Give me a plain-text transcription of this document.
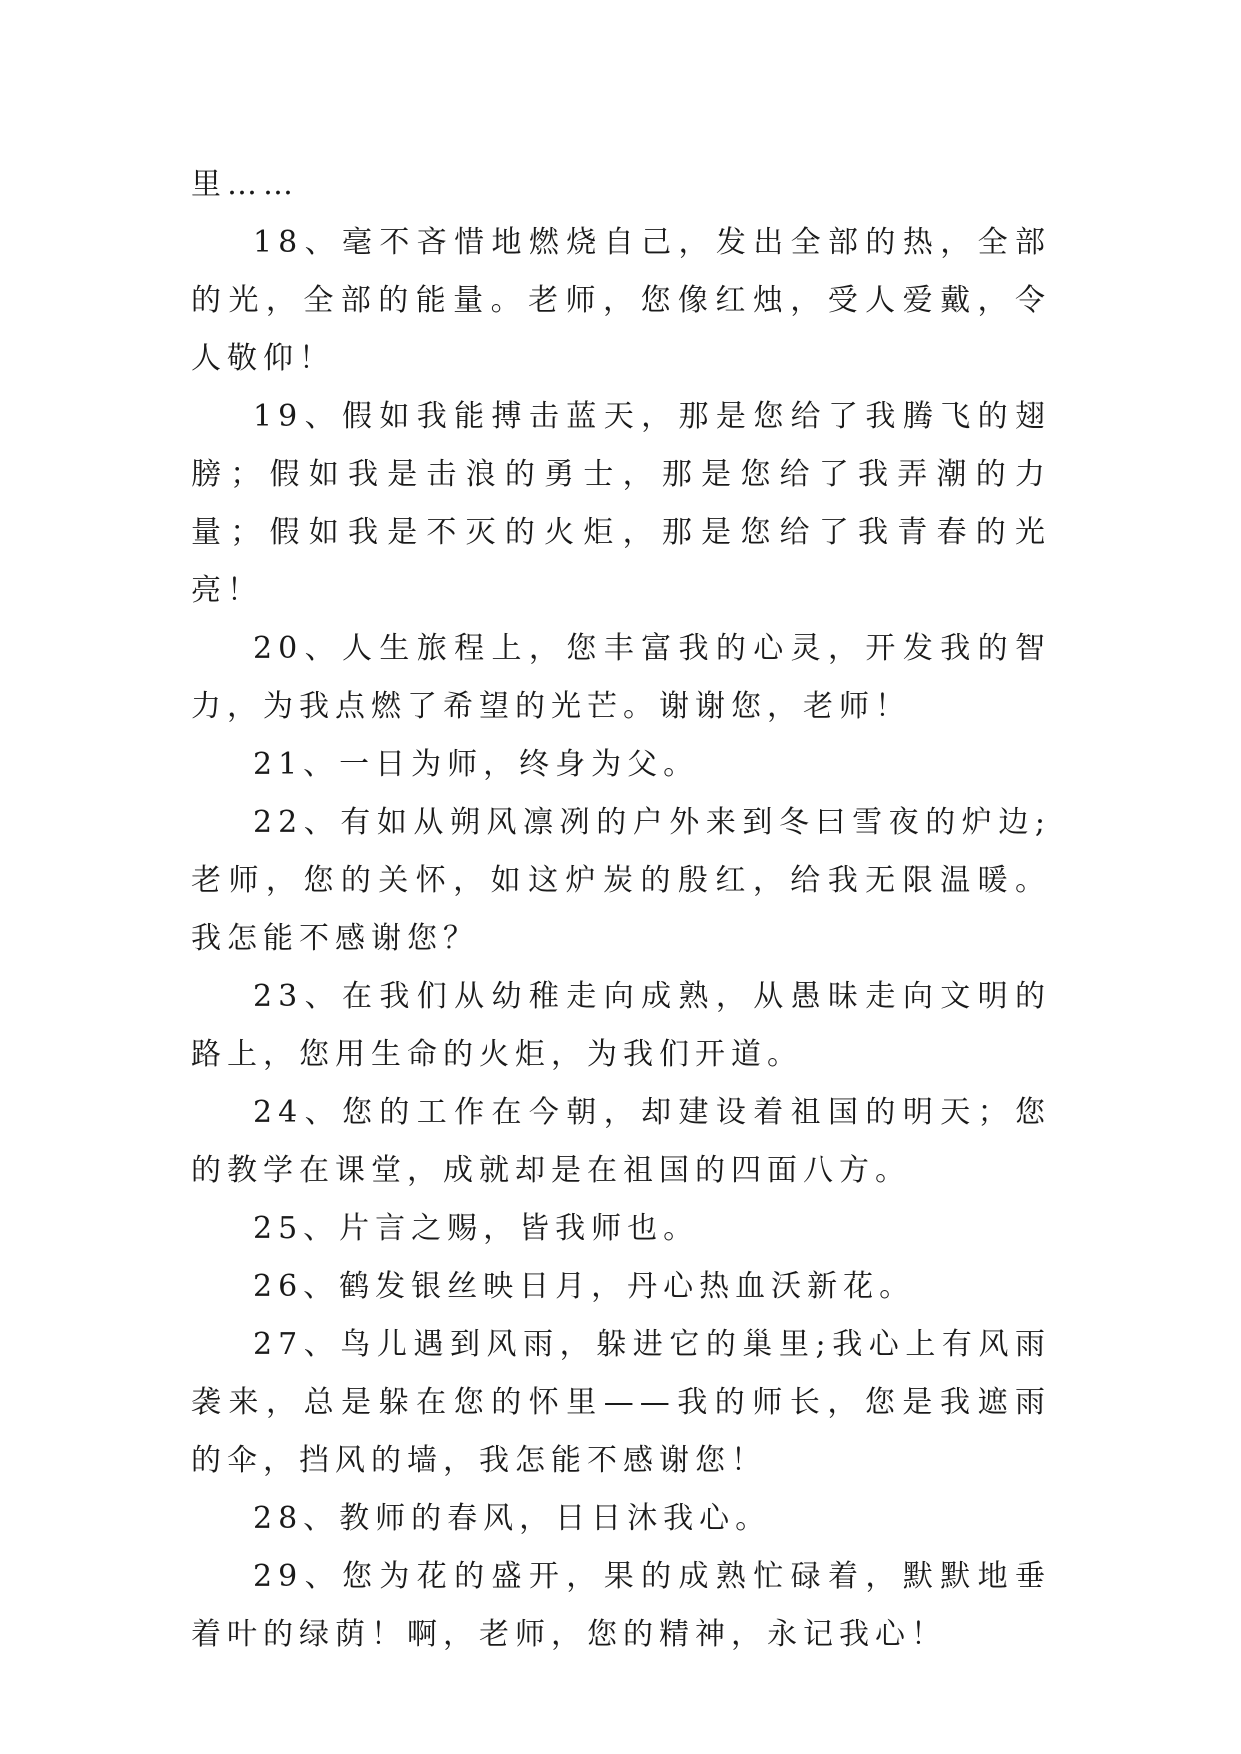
里……

18、毫不吝惜地燃烧自己，发出全部的热，全部的光，全部的能量。老师，您像红烛，受人爱戴，令人敬仰！

19、假如我能搏击蓝天，那是您给了我腾飞的翅膀；假如我是击浪的勇士，那是您给了我弄潮的力量；假如我是不灭的火炬，那是您给了我青春的光亮！

20、人生旅程上，您丰富我的心灵，开发我的智力，为我点燃了希望的光芒。谢谢您，老师！

21、一日为师，终身为父。

22、有如从朔风凛冽的户外来到冬曰雪夜的炉边;老师，您的关怀，如这炉炭的殷红，给我无限温暖。我怎能不感谢您？

23、在我们从幼稚走向成熟，从愚昧走向文明的路上，您用生命的火炬，为我们开道。

24、您的工作在今朝，却建设着祖国的明天；您的教学在课堂，成就却是在祖国的四面八方。

25、片言之赐，皆我师也。

26、鹤发银丝映日月，丹心热血沃新花。

27、鸟儿遇到风雨，躲进它的巢里;我心上有风雨袭来，总是躲在您的怀里——我的师长，您是我遮雨的伞，挡风的墙，我怎能不感谢您！

28、教师的春风，日日沐我心。

29、您为花的盛开，果的成熟忙碌着，默默地垂着叶的绿荫！啊，老师，您的精神，永记我心！
